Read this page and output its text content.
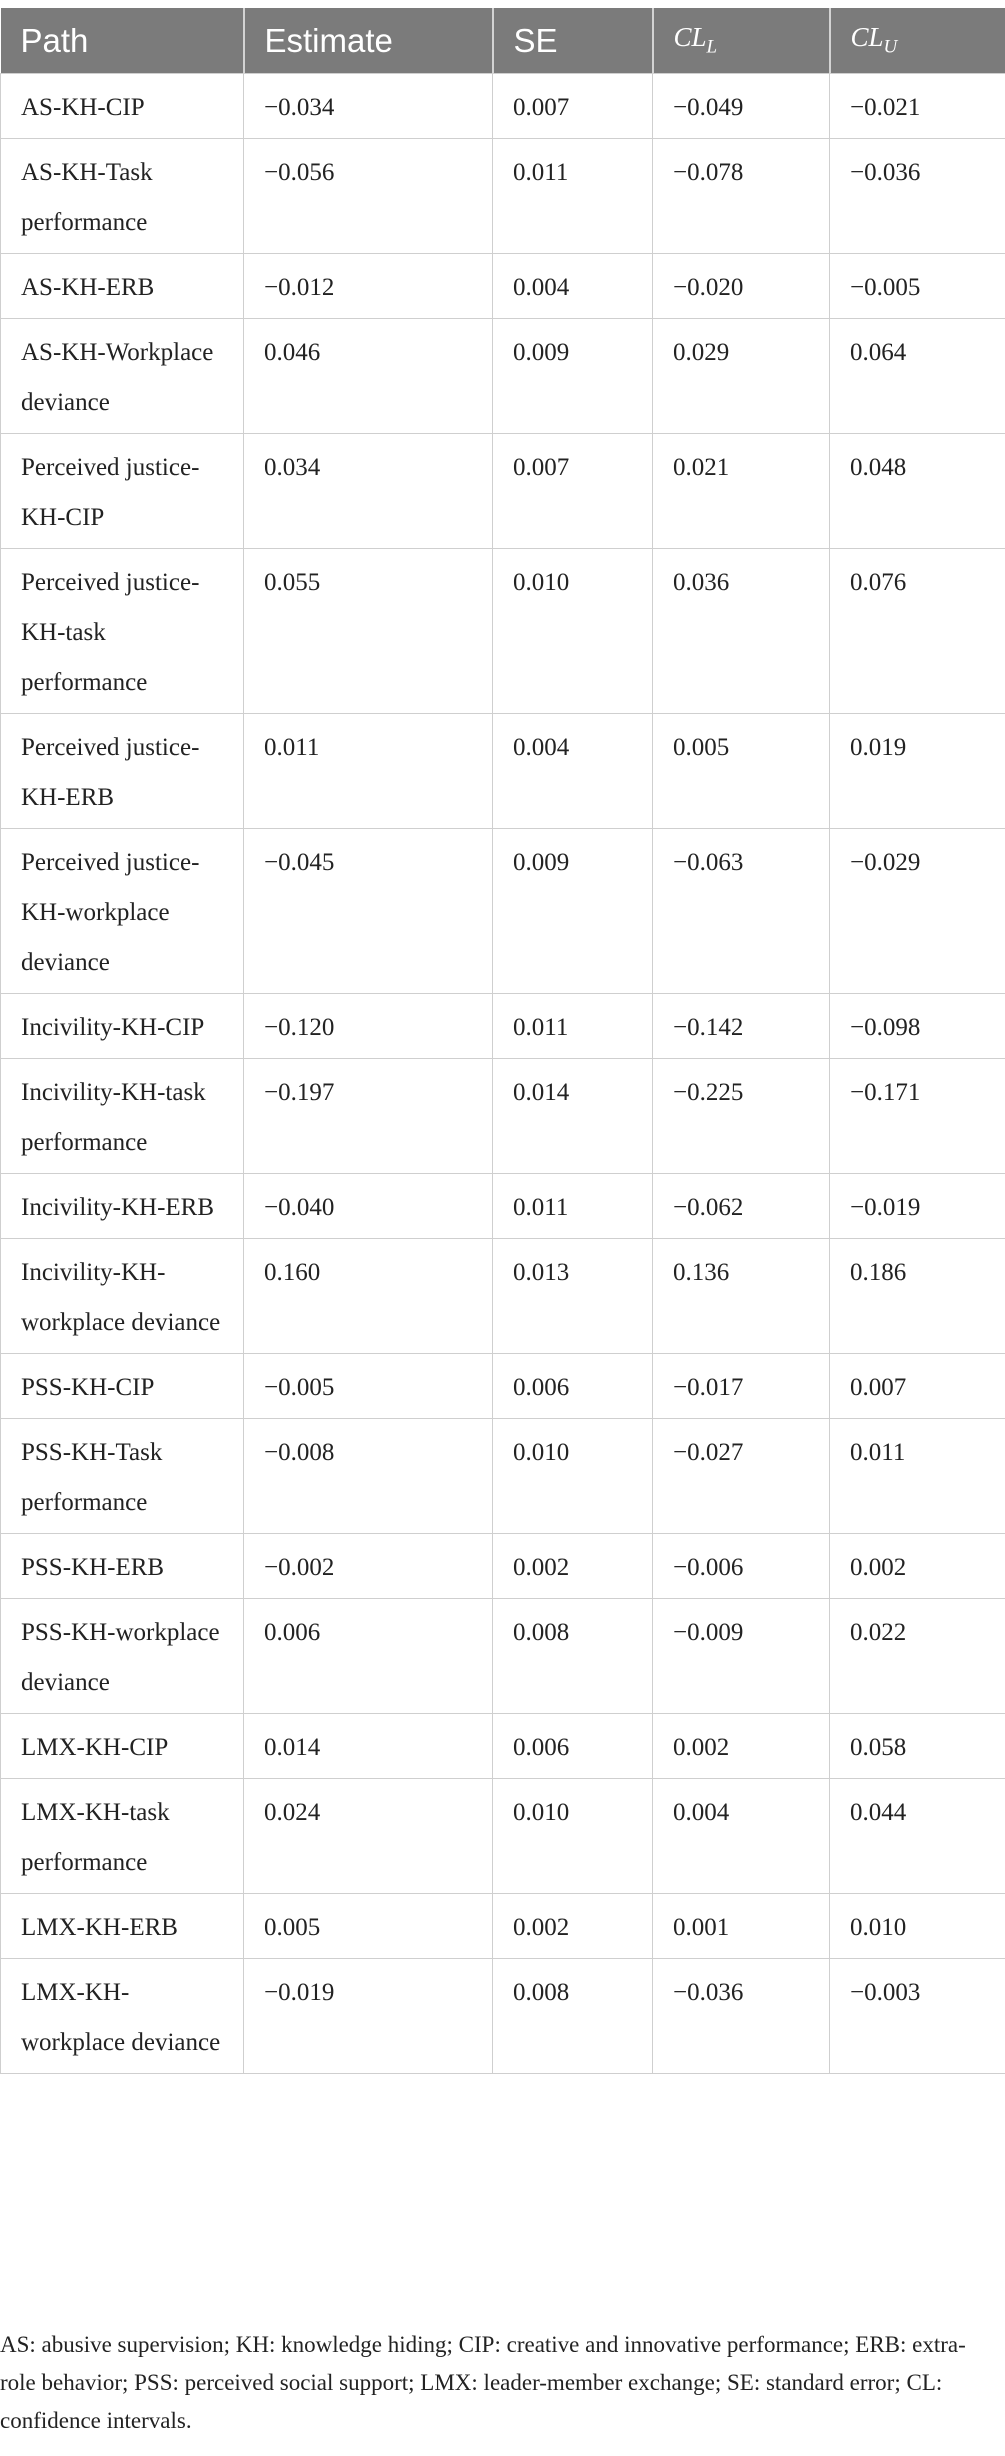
Path	Estimate	SE	$CL_L$	$CL_U$
AS-KH-CIP	−0.034	0.007	−0.049	−0.021
AS-KH-Task performance	−0.056	0.011	−0.078	−0.036
AS-KH-ERB	−0.012	0.004	−0.020	−0.005
AS-KH-Workplace deviance	0.046	0.009	0.029	0.064
Perceived justice-KH-CIP	0.034	0.007	0.021	0.048
Perceived justice-KH-task performance	0.055	0.010	0.036	0.076
Perceived justice-KH-ERB	0.011	0.004	0.005	0.019
Perceived justice-KH-workplace deviance	−0.045	0.009	−0.063	−0.029
Incivility-KH-CIP	−0.120	0.011	−0.142	−0.098
Incivility-KH-task performance	−0.197	0.014	−0.225	−0.171
Incivility-KH-ERB	−0.040	0.011	−0.062	−0.019
Incivility-KH-workplace deviance	0.160	0.013	0.136	0.186
PSS-KH-CIP	−0.005	0.006	−0.017	0.007
PSS-KH-Task performance	−0.008	0.010	−0.027	0.011
PSS-KH-ERB	−0.002	0.002	−0.006	0.002
PSS-KH-workplace deviance	0.006	0.008	−0.009	0.022
LMX-KH-CIP	0.014	0.006	0.002	0.058
LMX-KH-task performance	0.024	0.010	0.004	0.044
LMX-KH-ERB	0.005	0.002	0.001	0.010
LMX-KH-workplace deviance	−0.019	0.008	−0.036	−0.003
AS: abusive supervision; KH: knowledge hiding; CIP: creative and innovative performance; ERB: extra-role behavior; PSS: perceived social support; LMX: leader-member exchange; SE: standard error; CL: confidence intervals.
